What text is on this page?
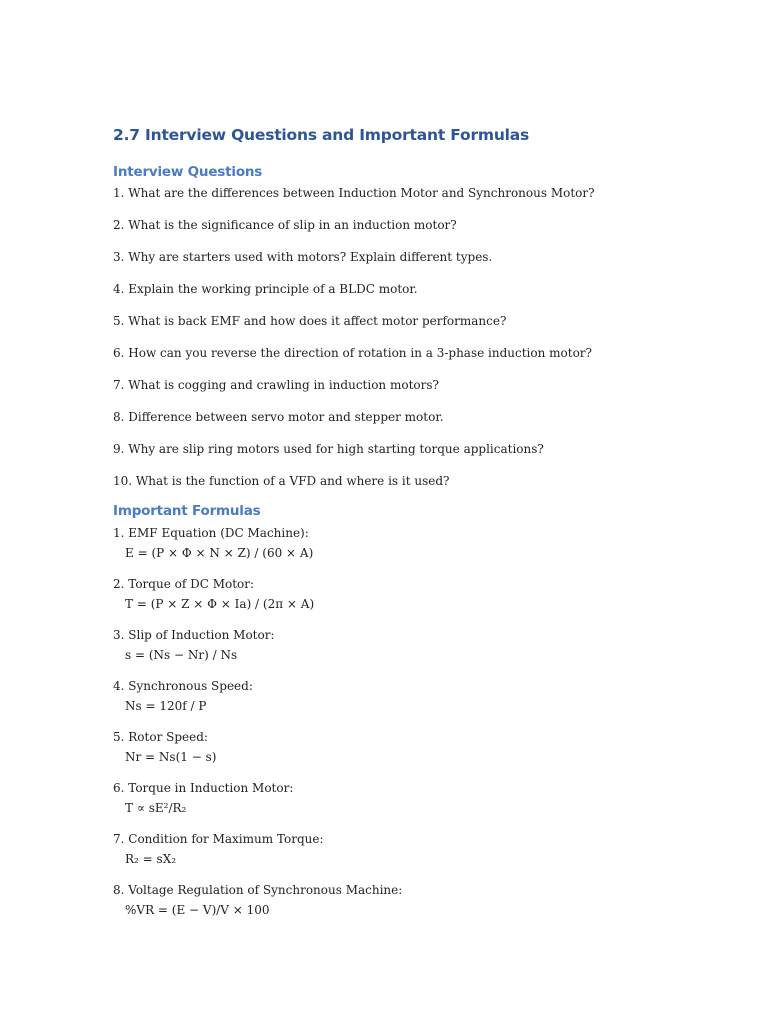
2.7 Interview Questions and Important Formulas
Interview Questions
1. What are the differences between Induction Motor and Synchronous Motor?
2. What is the significance of slip in an induction motor?
3. Why are starters used with motors? Explain different types.
4. Explain the working principle of a BLDC motor.
5. What is back EMF and how does it affect motor performance?
6. How can you reverse the direction of rotation in a 3-phase induction motor?
7. What is cogging and crawling in induction motors?
8. Difference between servo motor and stepper motor.
9. Why are slip ring motors used for high starting torque applications?
10. What is the function of a VFD and where is it used?
Important Formulas
1. EMF Equation (DC Machine):
E = (P × Φ × N × Z) / (60 × A)
2. Torque of DC Motor:
T = (P × Z × Φ × Ia) / (2π × A)
3. Slip of Induction Motor:
s = (Ns − Nr) / Ns
4. Synchronous Speed:
Ns = 120f / P
5. Rotor Speed:
Nr = Ns(1 − s)
6. Torque in Induction Motor:
T ∝ sE²/R₂
7. Condition for Maximum Torque:
R₂ = sX₂
8. Voltage Regulation of Synchronous Machine:
%VR = (E − V)/V × 100
